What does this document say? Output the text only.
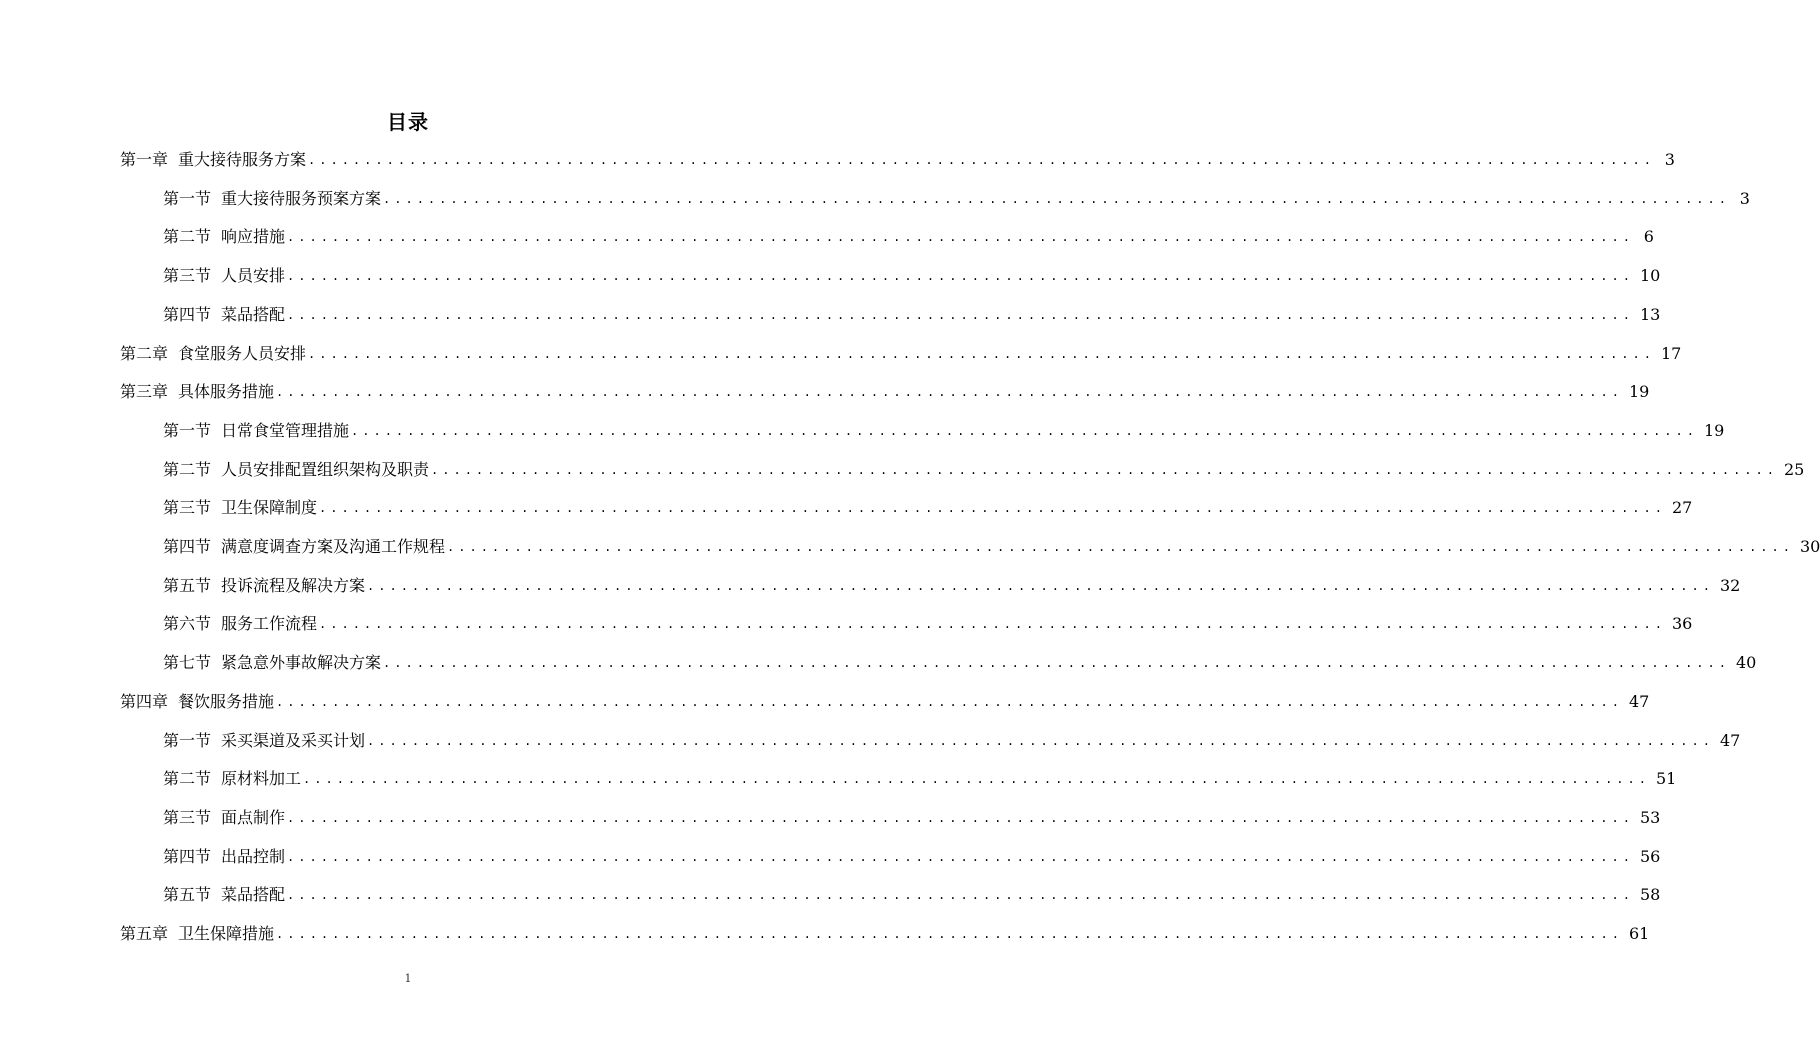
目录
第一章 重大接待服务方案 ........................................................................................................................ 3
第一节 重大接待服务预案方案 ........................................................................................................................ 3
第二节 响应措施 ........................................................................................................................ 6
第三节 人员安排 ........................................................................................................................ 10
第四节 菜品搭配 ........................................................................................................................ 13
第二章 食堂服务人员安排 ........................................................................................................................ 17
第三章 具体服务措施 ........................................................................................................................ 19
第一节 日常食堂管理措施 ........................................................................................................................ 19
第二节 人员安排配置组织架构及职责 ........................................................................................................................ 25
第三节 卫生保障制度 ........................................................................................................................ 27
第四节 满意度调查方案及沟通工作规程 ........................................................................................................................ 30
第五节 投诉流程及解决方案 ........................................................................................................................ 32
第六节 服务工作流程 ........................................................................................................................ 36
第七节 紧急意外事故解决方案 ........................................................................................................................ 40
第四章 餐饮服务措施 ........................................................................................................................ 47
第一节 采买渠道及采买计划 ........................................................................................................................ 47
第二节 原材料加工 ........................................................................................................................ 51
第三节 面点制作 ........................................................................................................................ 53
第四节 出品控制 ........................................................................................................................ 56
第五节 菜品搭配 ........................................................................................................................ 58
第五章 卫生保障措施 ........................................................................................................................ 61
1
